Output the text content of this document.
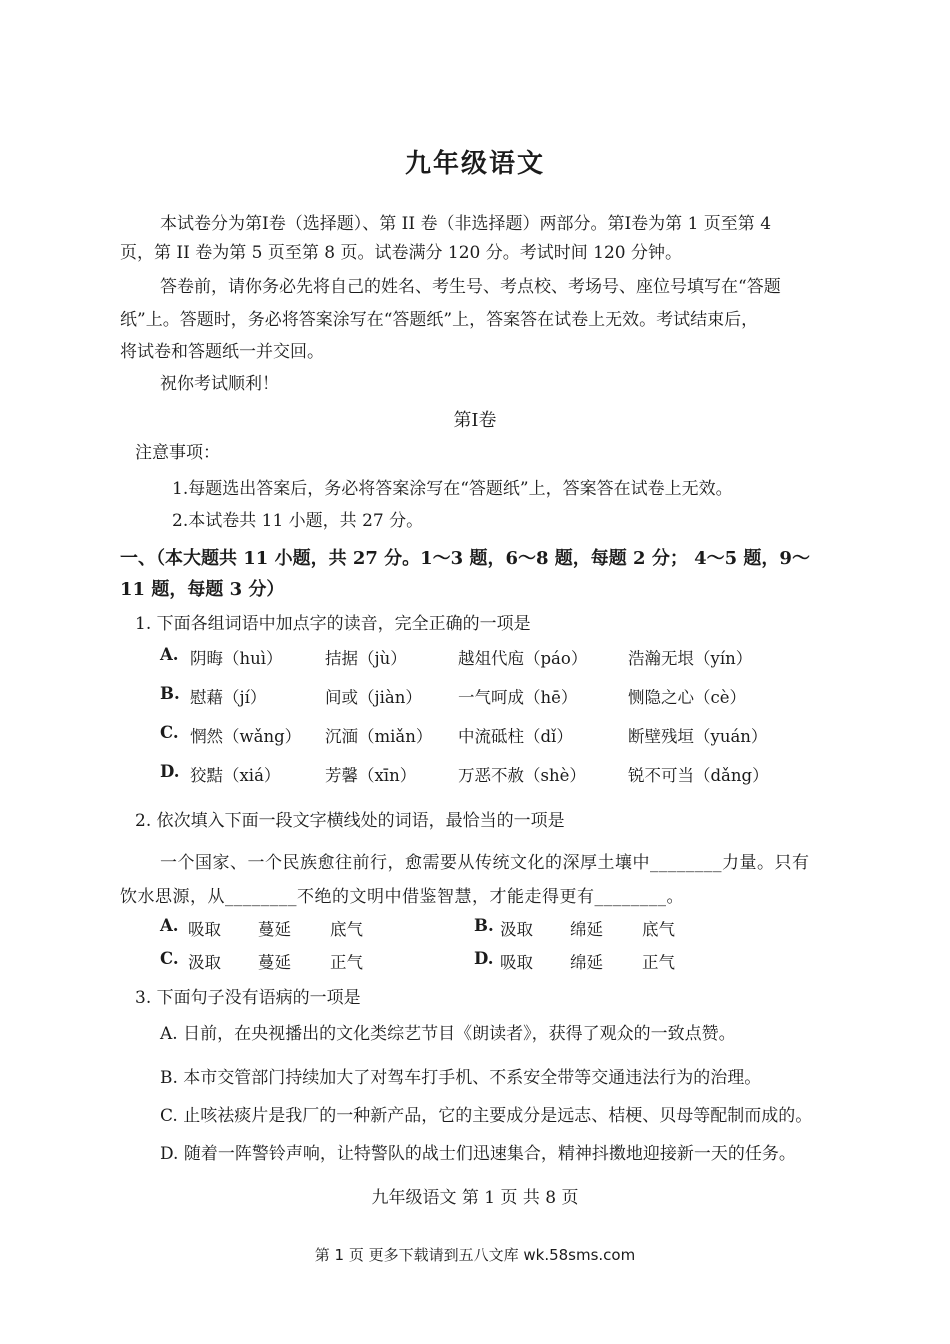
九年级语文
本试卷分为第Ⅰ卷（选择题）、第 II 卷（非选择题）两部分。第Ⅰ卷为第 1 页至第 4
页，第 II 卷为第 5 页至第 8 页。试卷满分 120 分。考试时间 120 分钟。
答卷前，请你务必先将自己的姓名、考生号、考点校、考场号、座位号填写在“答题
纸”上。答题时，务必将答案涂写在“答题纸”上，答案答在试卷上无效。考试结束后，
将试卷和答题纸一并交回。
祝你考试顺利！
第Ⅰ卷
注意事项：
1.每题选出答案后，务必将答案涂写在“答题纸”上，答案答在试卷上无效。
2.本试卷共 11 小题，共 27 分。
一、（本大题共 11 小题，共 27 分。1～3 题，6～8 题，每题 2 分； 4～5 题，9～
11 题，每题 3 分）
1. 下面各组词语中加点字的读音，完全正确的一项是
A. 阴晦（huì）	拮据（jù）	越俎代庖（páo） 浩瀚无垠（yín）
B. 慰藉（jí）	间或（jiàn） 一气呵成（hē）	恻隐之心（cè）
C. 惘然（wǎng） 沉湎（miǎn） 中流砥柱（dǐ）	断壁残垣（yuán）
D. 狡黠（xiá）	芳馨（xīn）	万恶不赦（shè）	锐不可当（dǎng）
2. 依次填入下面一段文字横线处的词语，最恰当的一项是
一个国家、一个民族愈往前行，愈需要从传统文化的深厚土壤中________力量。只有
饮水思源，从________不绝的文明中借鉴智慧，才能走得更有________。
A. 吸取 蔓延 底气	B. 汲取 绵延 底气
C. 汲取 蔓延 正气	D. 吸取 绵延 正气
3. 下面句子没有语病的一项是
A. 日前，在央视播出的文化类综艺节目《朗读者》，获得了观众的一致点赞。
B. 本市交管部门持续加大了对驾车打手机、不系安全带等交通违法行为的治理。
C. 止咳祛痰片是我厂的一种新产品，它的主要成分是远志、桔梗、贝母等配制而成的。
D. 随着一阵警铃声响，让特警队的战士们迅速集合，精神抖擞地迎接新一天的任务。
九年级语文 第 1 页 共 8 页
第 1 页 更多下载请到五八文库 wk.58sms.com
